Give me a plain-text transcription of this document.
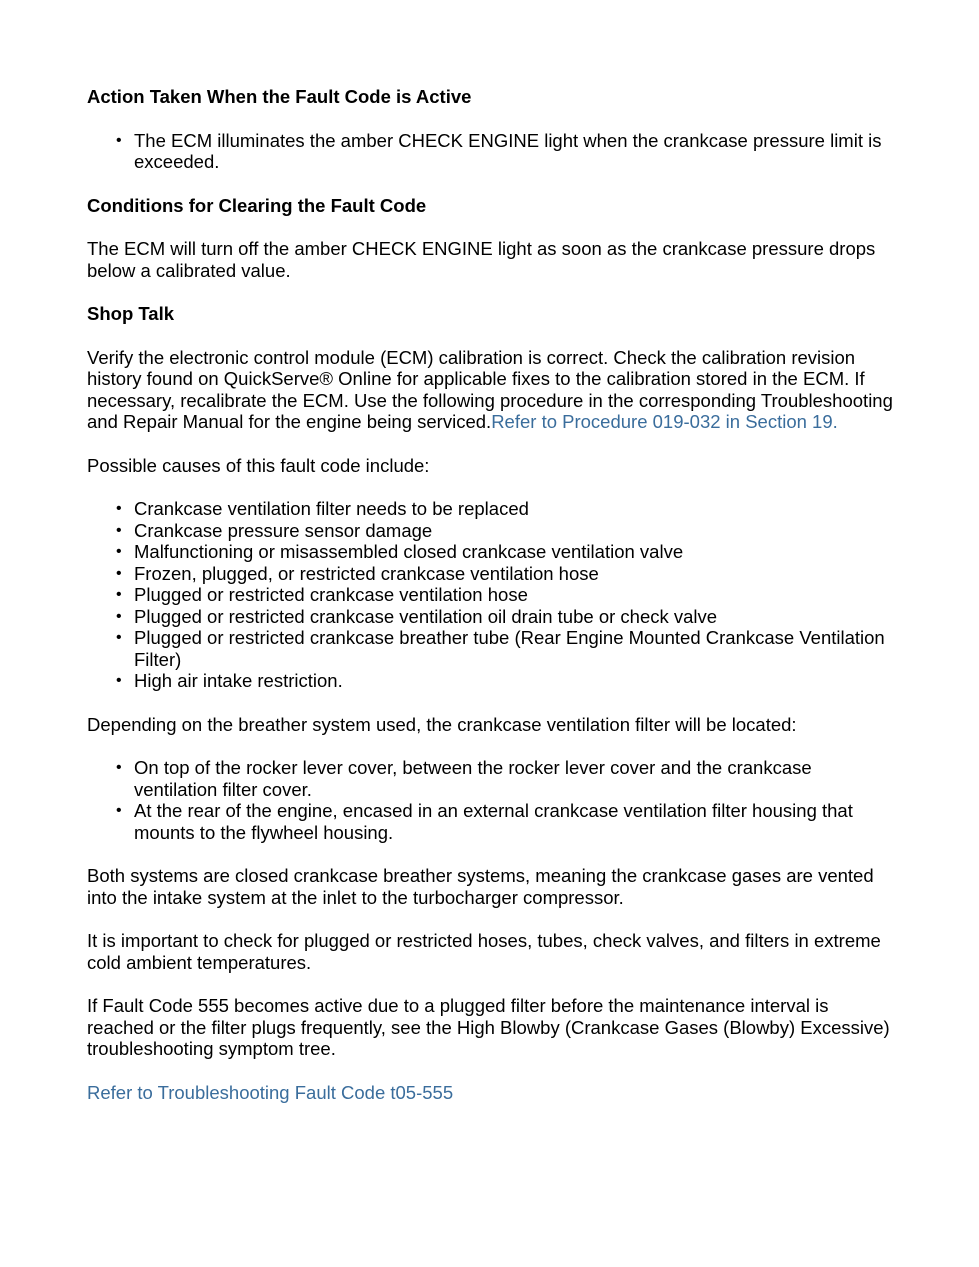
Action Taken When the Fault Code is Active
• The ECM illuminates the amber CHECK ENGINE light when the crankcase pressure limit is exceeded.
Conditions for Clearing the Fault Code

The ECM will turn off the amber CHECK ENGINE light as soon as the crankcase pressure drops below a calibrated value.

Shop Talk

Verify the electronic control module (ECM) calibration is correct. Check the calibration revision history found on QuickServe® Online for applicable fixes to the calibration stored in the ECM. If necessary, recalibrate the ECM. Use the following procedure in the corresponding Troubleshooting and Repair Manual for the engine being serviced.Refer to Procedure 019-032 in Section 19.

Possible causes of this fault code include:

• Crankcase ventilation filter needs to be replaced
• Crankcase pressure sensor damage
• Malfunctioning or misassembled closed crankcase ventilation valve
• Frozen, plugged, or restricted crankcase ventilation hose
• Plugged or restricted crankcase ventilation hose
• Plugged or restricted crankcase ventilation oil drain tube or check valve
• Plugged or restricted crankcase breather tube (Rear Engine Mounted Crankcase Ventilation Filter)
• High air intake restriction.

Depending on the breather system used, the crankcase ventilation filter will be located:

• On top of the rocker lever cover, between the rocker lever cover and the crankcase ventilation filter cover.
• At the rear of the engine, encased in an external crankcase ventilation filter housing that mounts to the flywheel housing.

Both systems are closed crankcase breather systems, meaning the crankcase gases are vented into the intake system at the inlet to the turbocharger compressor.

It is important to check for plugged or restricted hoses, tubes, check valves, and filters in extreme cold ambient temperatures.

If Fault Code 555 becomes active due to a plugged filter before the maintenance interval is reached or the filter plugs frequently, see the High Blowby (Crankcase Gases (Blowby) Excessive) troubleshooting symptom tree.

Refer to Troubleshooting Fault Code t05-555
